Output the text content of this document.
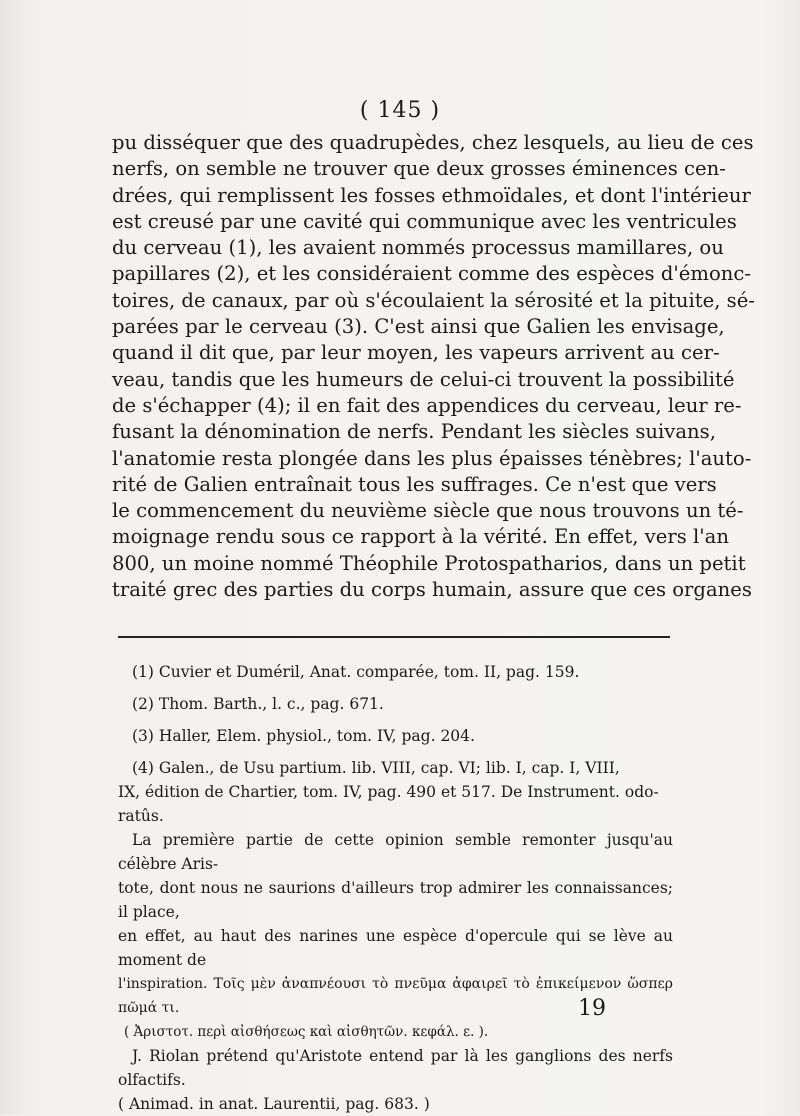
( 145 )
pu disséquer que des quadrupèdes, chez lesquels, au lieu de ces
nerfs, on semble ne trouver que deux grosses éminences cen-
drées, qui remplissent les fosses ethmoïdales, et dont l'intérieur
est creusé par une cavité qui communique avec les ventricules
du cerveau (1), les avaient nommés processus mamillares, ou
papillares (2), et les considéraient comme des espèces d'émonc-
toires, de canaux, par où s'écoulaient la sérosité et la pituite, sé-
parées par le cerveau (3). C'est ainsi que Galien les envisage,
quand il dit que, par leur moyen, les vapeurs arrivent au cer-
veau, tandis que les humeurs de celui-ci trouvent la possibilité
de s'échapper (4); il en fait des appendices du cerveau, leur re-
fusant la dénomination de nerfs. Pendant les siècles suivans,
l'anatomie resta plongée dans les plus épaisses ténèbres; l'auto-
rité de Galien entraînait tous les suffrages. Ce n'est que vers
le commencement du neuvième siècle que nous trouvons un té-
moignage rendu sous ce rapport à la vérité. En effet, vers l'an
800, un moine nommé Théophile Protospatharios, dans un petit
traité grec des parties du corps humain, assure que ces organes
(1) Cuvier et Duméril, Anat. comparée, tom. II, pag. 159.
(2) Thom. Barth., l. c., pag. 671.
(3) Haller, Elem. physiol., tom. IV, pag. 204.
(4) Galen., de Usu partium. lib. VIII, cap. VI; lib. I, cap. I, VIII,
IX, édition de Chartier, tom. IV, pag. 490 et 517. De Instrument. odo-
ratûs.

La première partie de cette opinion semble remonter jusqu'au célèbre Aris-

tote, dont nous ne saurions d'ailleurs trop admirer les connaissances; il place,

en effet, au haut des narines une espèce d'opercule qui se lève au moment de

l'inspiration. Τοῖς μὲν ἀναπνέουσι τὸ πνεῦμα ἀφαιρεῖ τὸ ἐπικείμενον ὥσπερ πῶμά τι.

( Ἀριστοτ. περὶ αἰσθήσεως καὶ αἰσθητῶν. κεφάλ. ε. ).

J. Riolan prétend qu'Aristote entend par là les ganglions des nerfs olfactifs.

( Animad. in anat. Laurentii, pag. 683. )

19
